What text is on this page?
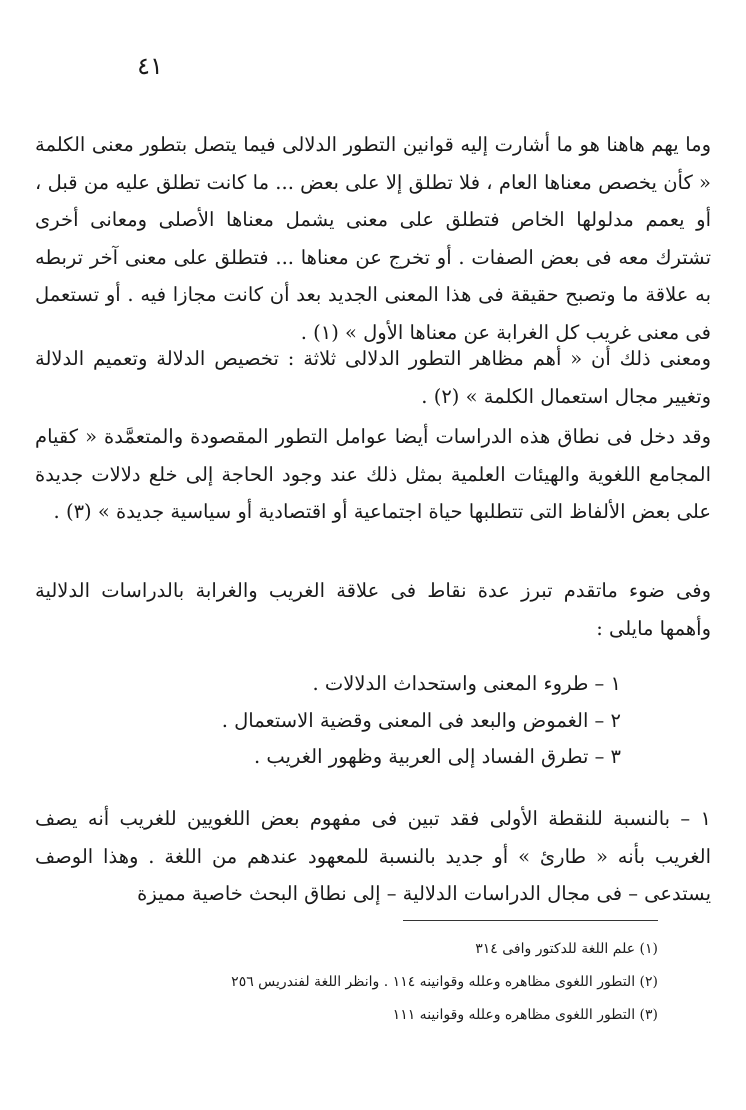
٤١

وما يهم هاهنا هو ما أشارت إليه قوانين التطور الدلالى فيما يتصل بتطور معنى الكلمة « كأن يخصص معناها العام ، فلا تطلق إلا على بعض ... ما كانت تطلق عليه من قبل ، أو يعمم مدلولها الخاص فتطلق على معنى يشمل معناها الأصلى ومعانى أخرى تشترك معه فى بعض الصفات . أو تخرج عن معناها ... فتطلق على معنى آخر تربطه به علاقة ما وتصبح حقيقة فى هذا المعنى الجديد بعد أن كانت مجازا فيه . أو تستعمل فى معنى غريب كل الغرابة عن معناها الأول » (١) .

ومعنى ذلك أن « أهم مظاهر التطور الدلالى ثلاثة : تخصيص الدلالة وتعميم الدلالة وتغيير مجال استعمال الكلمة » (٢) .

وقد دخل فى نطاق هذه الدراسات أيضا عوامل التطور المقصودة والمتعمَّدة « كقيام المجامع اللغوية والهيئات العلمية بمثل ذلك عند وجود الحاجة إلى خلع دلالات جديدة على بعض الألفاظ التى تتطلبها حياة اجتماعية أو اقتصادية أو سياسية جديدة » (٣) .

وفى ضوء ماتقدم تبرز عدة نقاط فى علاقة الغريب والغرابة بالدراسات الدلالية وأهمها مايلى :

١ – طروء المعنى واستحداث الدلالات .
٢ – الغموض والبعد فى المعنى وقضية الاستعمال .
٣ – تطرق الفساد إلى العربية وظهور الغريب .

١ – بالنسبة للنقطة الأولى فقد تبين فى مفهوم بعض اللغويين للغريب أنه يصف الغريب بأنه « طارئ » أو جديد بالنسبة للمعهود عندهم من اللغة . وهذا الوصف يستدعى – فى مجال الدراسات الدلالية – إلى نطاق البحث خاصية مميزة

(١) علم اللغة للدكتور وافى ٣١٤
(٢) التطور اللغوى مظاهره وعلله وقوانينه ١١٤ . وانظر اللغة لفندريس ٢٥٦
(٣) التطور اللغوى مظاهره وعلله وقوانينه ١١١
